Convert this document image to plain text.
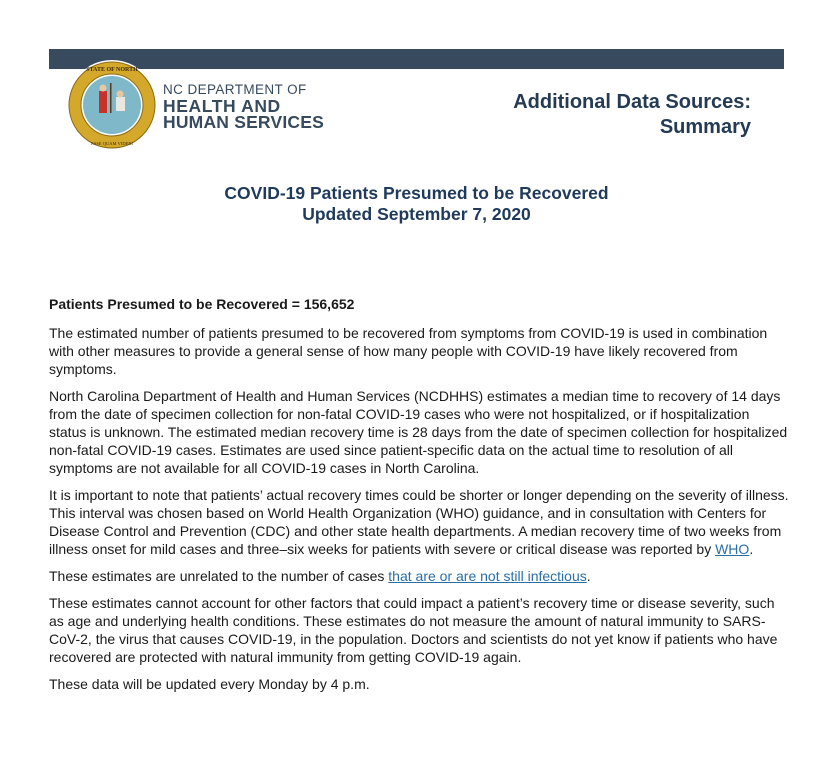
STATE OF NORTH
ESSE QUAM VIDERI
NC DEPARTMENT OF
HEALTH AND
HUMAN SERVICES
Additional Data Sources:
Summary
COVID-19 Patients Presumed to be Recovered
Updated September 7, 2020

Patients Presumed to be Recovered = 156,652

The estimated number of patients presumed to be recovered from symptoms from COVID-19 is used in combination with other measures to provide a general sense of how many people with COVID-19 have likely recovered from symptoms.

North Carolina Department of Health and Human Services (NCDHHS) estimates a median time to recovery of 14 days from the date of specimen collection for non-fatal COVID-19 cases who were not hospitalized, or if hospitalization status is unknown. The estimated median recovery time is 28 days from the date of specimen collection for hospitalized non-fatal COVID-19 cases. Estimates are used since patient-specific data on the actual time to resolution of all symptoms are not available for all COVID-19 cases in North Carolina.

It is important to note that patients’ actual recovery times could be shorter or longer depending on the severity of illness. This interval was chosen based on World Health Organization (WHO) guidance, and in consultation with Centers for Disease Control and Prevention (CDC) and other state health departments. A median recovery time of two weeks from illness onset for mild cases and three–six weeks for patients with severe or critical disease was reported by WHO.

These estimates are unrelated to the number of cases that are or are not still infectious.

These estimates cannot account for other factors that could impact a patient’s recovery time or disease severity, such as age and underlying health conditions. These estimates do not measure the amount of natural immunity to SARS-CoV-2, the virus that causes COVID-19, in the population. Doctors and scientists do not yet know if patients who have recovered are protected with natural immunity from getting COVID-19 again.

These data will be updated every Monday by 4 p.m.
